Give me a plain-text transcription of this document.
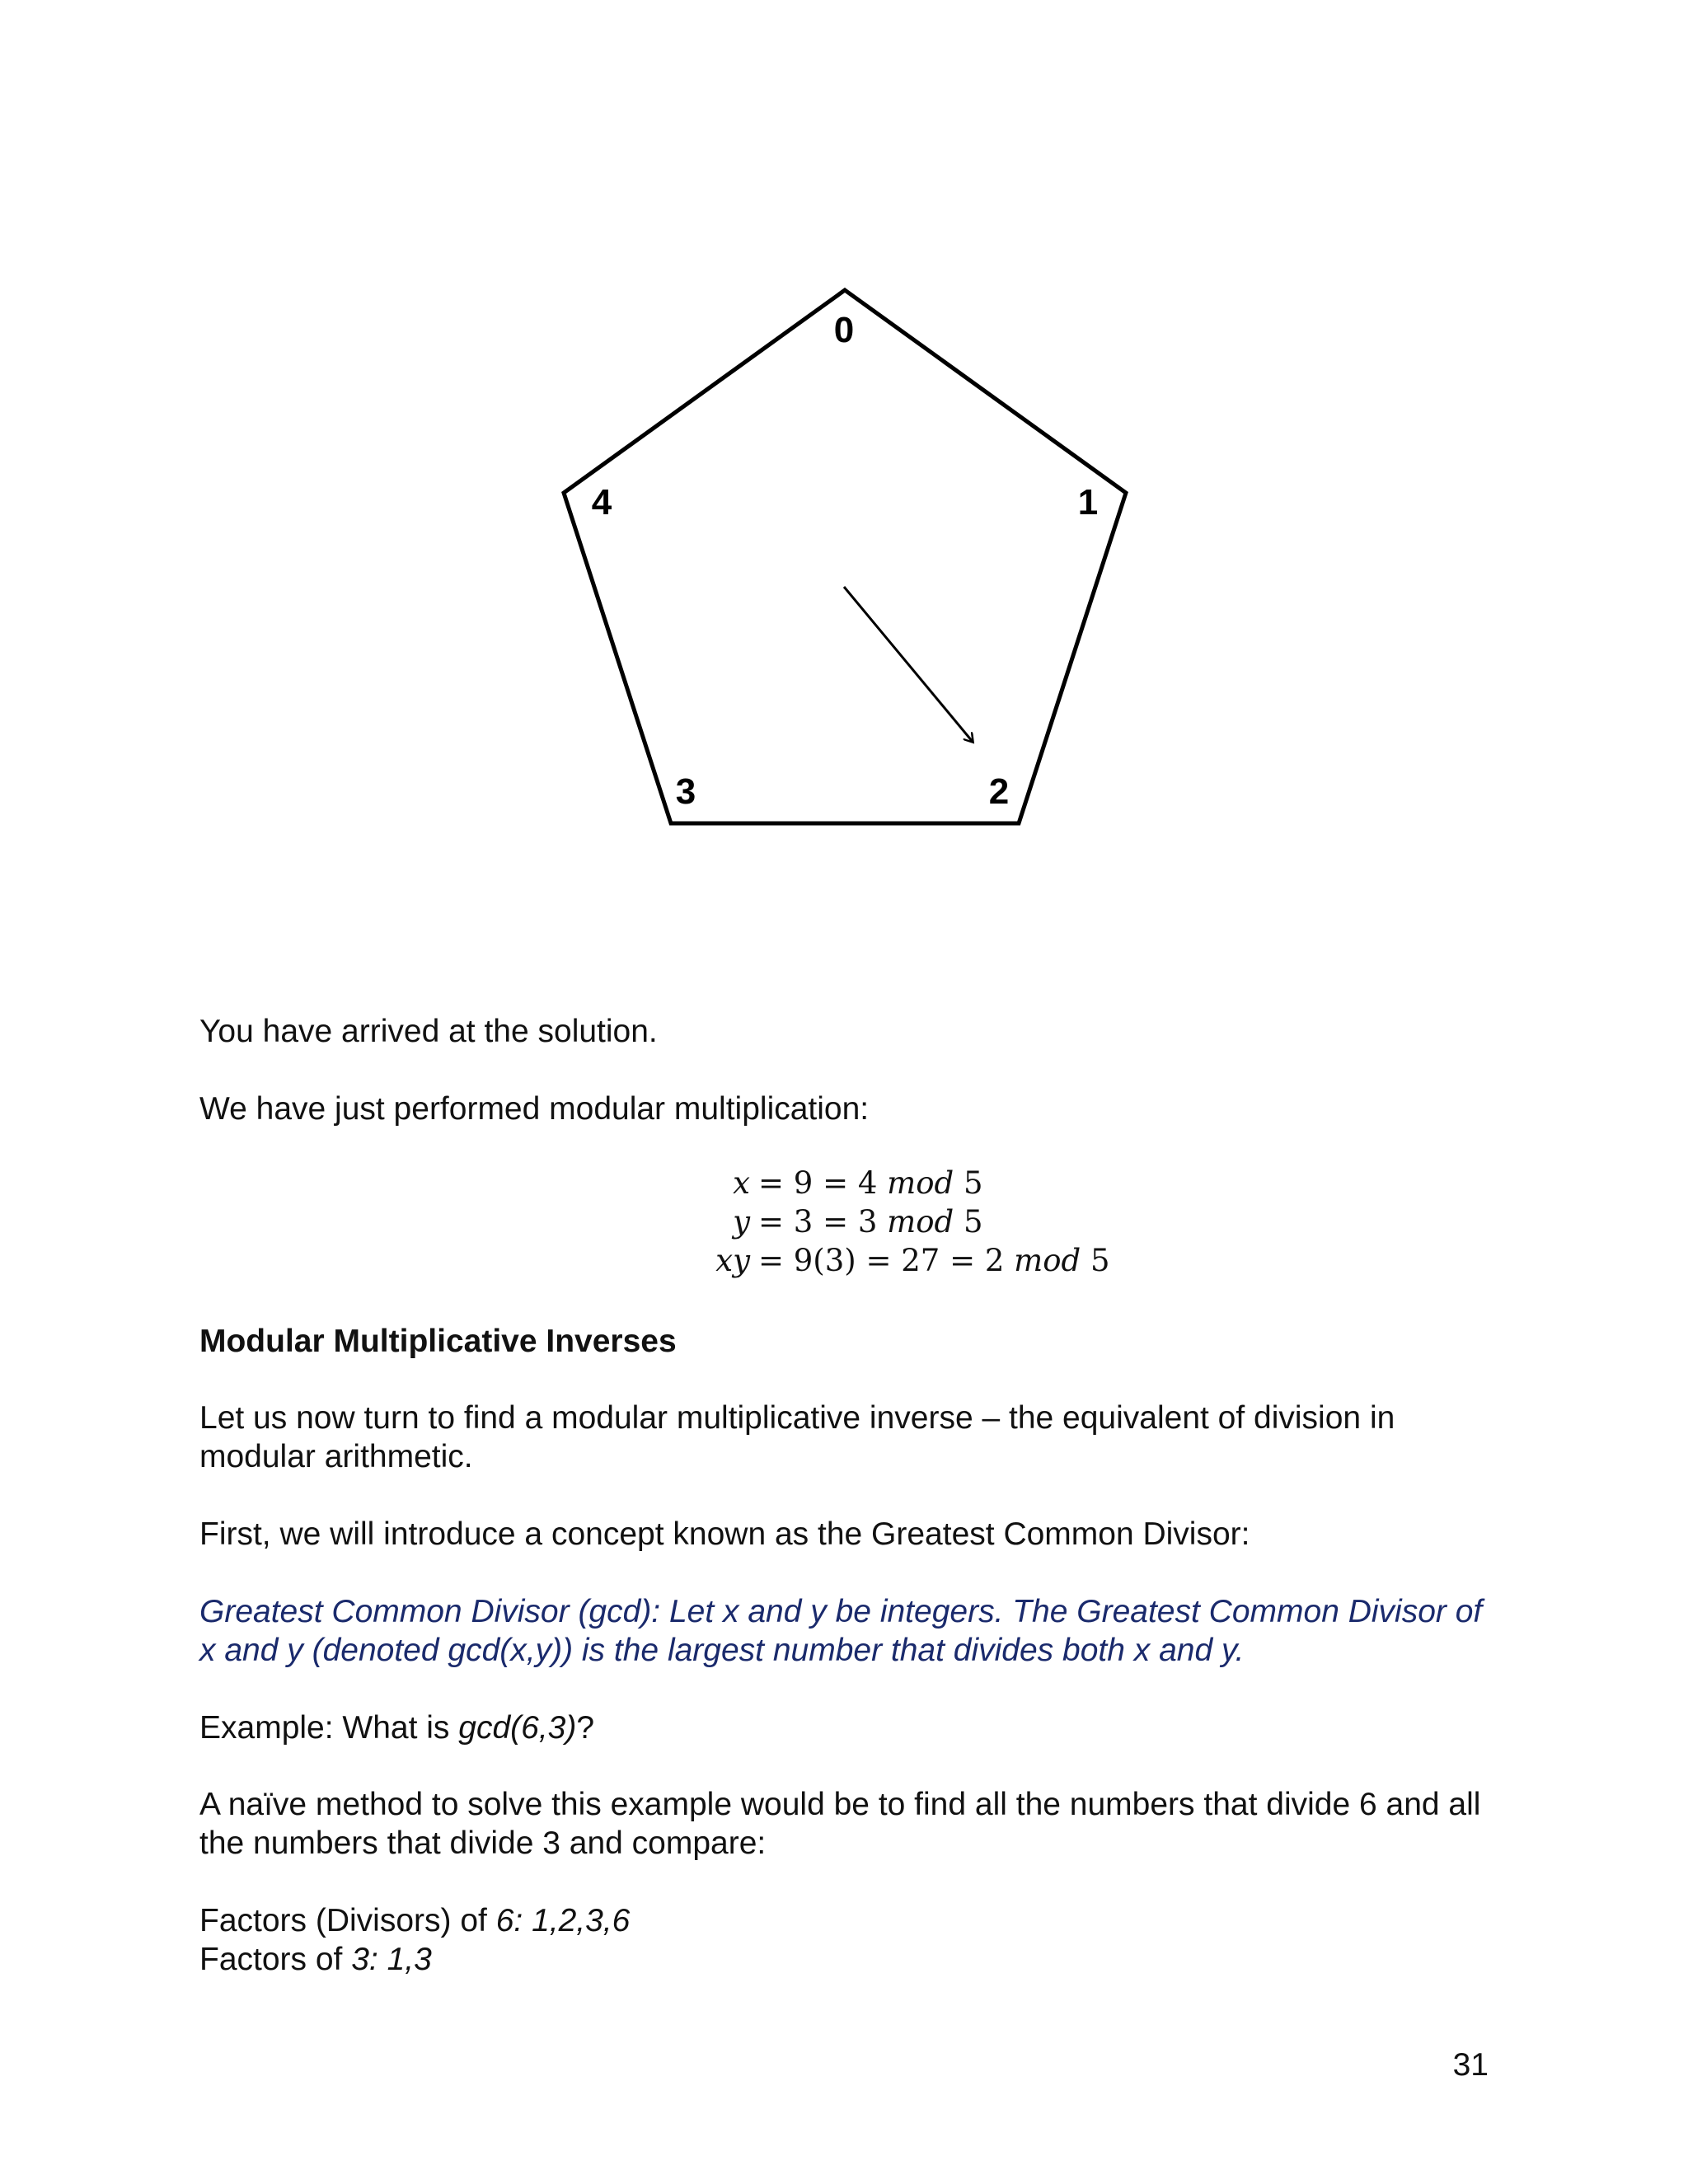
0
1
2
3
4
You have arrived at the solution.
We have just performed modular multiplication:
x = 9 = 4 mod 5
y = 3 = 3 mod 5
xy = 9(3) = 27 = 2 mod 5
Modular Multiplicative Inverses
Let us now turn to find a modular multiplicative inverse – the equivalent of division in modular arithmetic.
First, we will introduce a concept known as the Greatest Common Divisor:
Greatest Common Divisor (gcd): Let x and y be integers. The Greatest Common Divisor of x and y (denoted gcd(x,y)) is the largest number that divides both x and y.
Example: What is gcd(6,3)?
A naïve method to solve this example would be to find all the numbers that divide 6 and all the numbers that divide 3 and compare:
Factors (Divisors) of 6: 1,2,3,6
Factors of 3: 1,3
31
